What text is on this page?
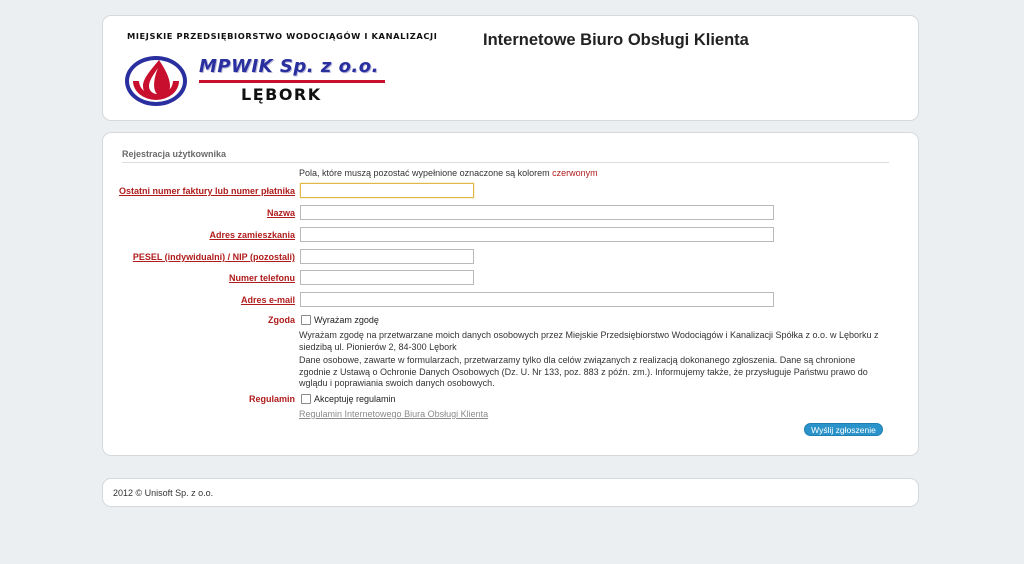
MIEJSKIE PRZEDSIĘBIORSTWO WODOCIĄGÓW I KANALIZACJI
MPWIK Sp. z o.o.
LĘBORK
Internetowe Biuro Obsługi Klienta
Rejestracja użytkownika
Pola, które muszą pozostać wypełnione oznaczone są kolorem czerwonym
Ostatni numer faktury lub numer płatnika
Nazwa
Adres zamieszkania
PESEL (indywidualni) / NIP (pozostali)
Numer telefonu
Adres e-mail
Zgoda Wyrażam zgodę
Wyrażam zgodę na przetwarzane moich danych osobowych przez Miejskie Przedsiębiorstwo Wodociągów i Kanalizacji Spółka z o.o. w Lęborku z siedzibą ul. Pionierów 2, 84-300 Lębork
Dane osobowe, zawarte w formularzach, przetwarzamy tylko dla celów związanych z realizacją dokonanego zgłoszenia. Dane są chronione zgodnie z Ustawą o Ochronie Danych Osobowych (Dz. U. Nr 133, poz. 883 z późn. zm.). Informujemy także, że przysługuje Państwu prawo do wglądu i poprawiania swoich danych osobowych.
Regulamin Akceptuję regulamin
Regulamin Internetowego Biura Obsługi Klienta
Wyślij zgłoszenie
2012 © Unisoft Sp. z o.o.
